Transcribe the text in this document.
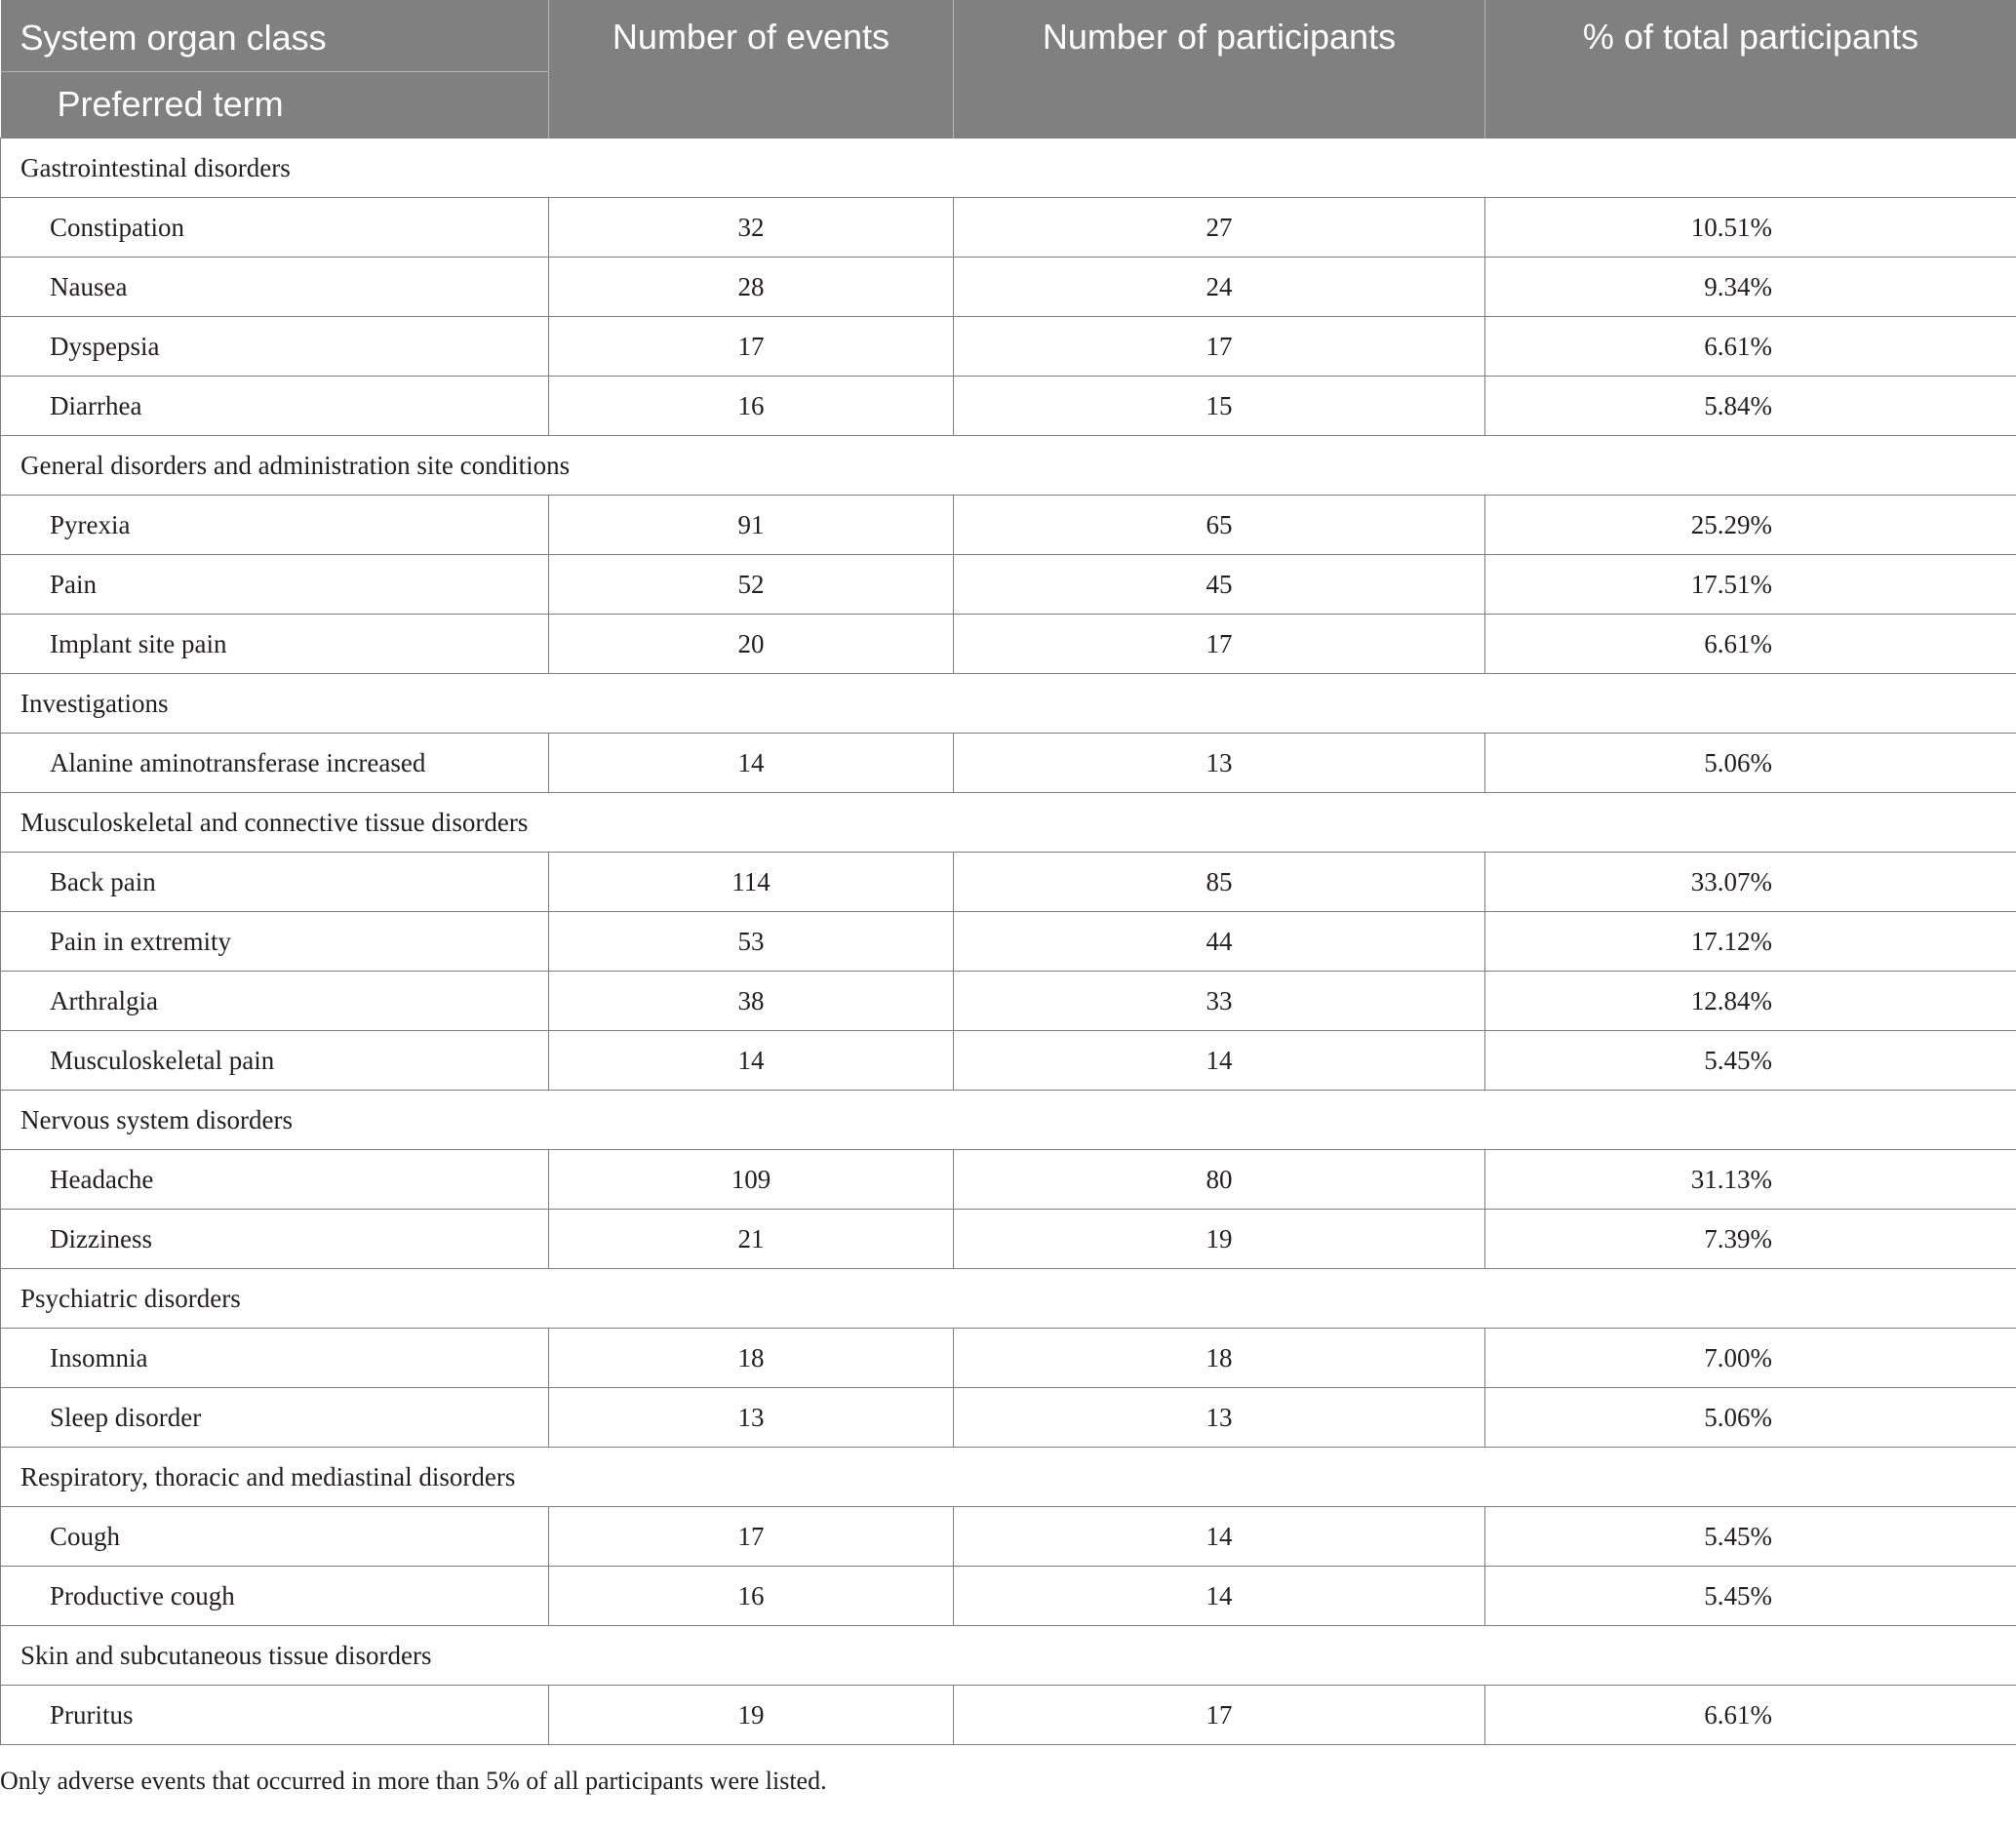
System organ class
Preferred term	Number of events	Number of participants	% of total participants
Gastrointestinal disorders			
Constipation	32	27	10.51%
Nausea	28	24	9.34%
Dyspepsia	17	17	6.61%
Diarrhea	16	15	5.84%
General disorders and administration site conditions			
Pyrexia	91	65	25.29%
Pain	52	45	17.51%
Implant site pain	20	17	6.61%
Investigations			
Alanine aminotransferase increased	14	13	5.06%
Musculoskeletal and connective tissue disorders			
Back pain	114	85	33.07%
Pain in extremity	53	44	17.12%
Arthralgia	38	33	12.84%
Musculoskeletal pain	14	14	5.45%
Nervous system disorders			
Headache	109	80	31.13%
Dizziness	21	19	7.39%
Psychiatric disorders			
Insomnia	18	18	7.00%
Sleep disorder	13	13	5.06%
Respiratory, thoracic and mediastinal disorders			
Cough	17	14	5.45%
Productive cough	16	14	5.45%
Skin and subcutaneous tissue disorders			
Pruritus	19	17	6.61%
Only adverse events that occurred in more than 5% of all participants were listed.
